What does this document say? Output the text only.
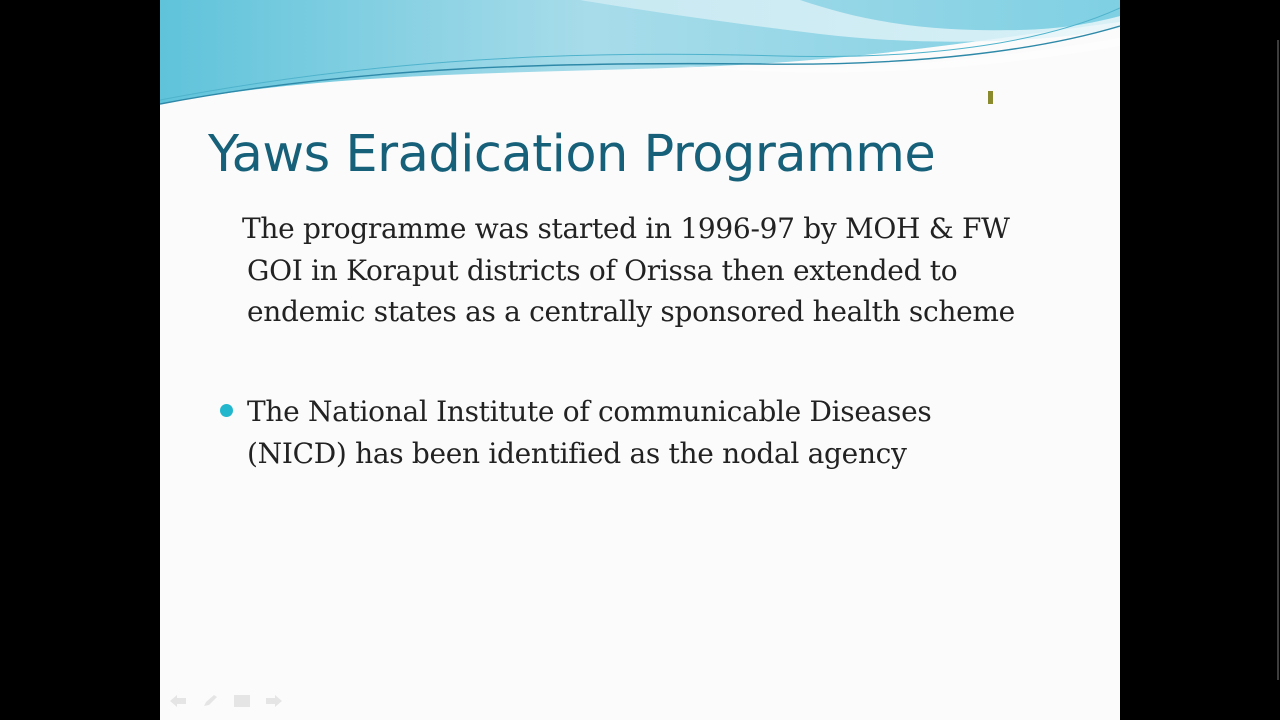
Yaws Eradication Programme

The programme was started in 1996-97 by MOH & FW
GOI in Koraput districts of Orissa then extended to
endemic states as a centrally sponsored health scheme

The National Institute of communicable Diseases
(NICD) has been identified as the nodal agency
